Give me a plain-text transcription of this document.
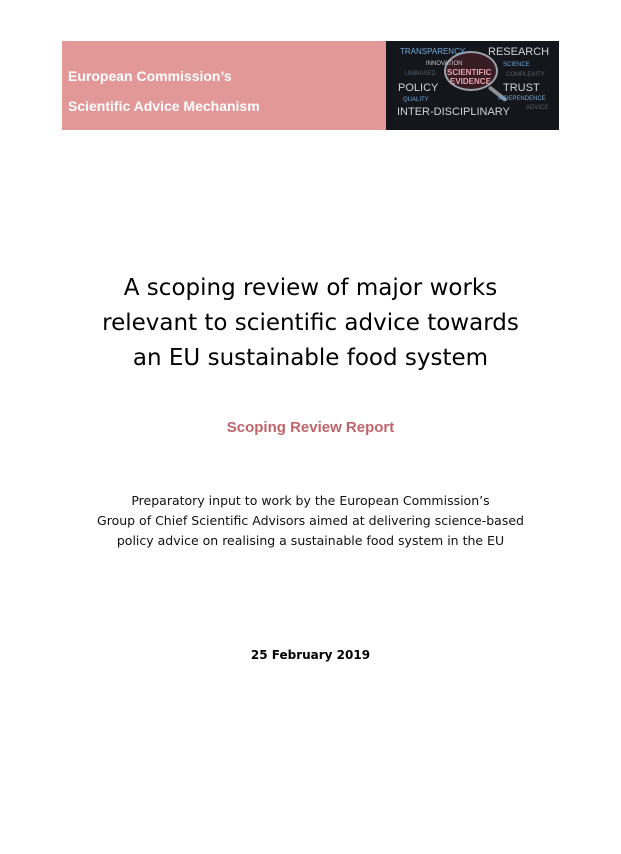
European Commission’s
Scientific Advice Mechanism
TRANSPARENCY RESEARCH
INNOVATION	SCIENCE
UNBIASED SCIENTIFIC COMPLEXITY
EVIDENCE
POLICY	TRUST
QUALITY	INDEPENDENCE
ADVICE
INTER-DISCIPLINARY
A scoping review of major works
relevant to scientific advice towards
an EU sustainable food system
Scoping Review Report
Preparatory input to work by the European Commission’s
Group of Chief Scientific Advisors aimed at delivering science-based
policy advice on realising a sustainable food system in the EU
25 February 2019
